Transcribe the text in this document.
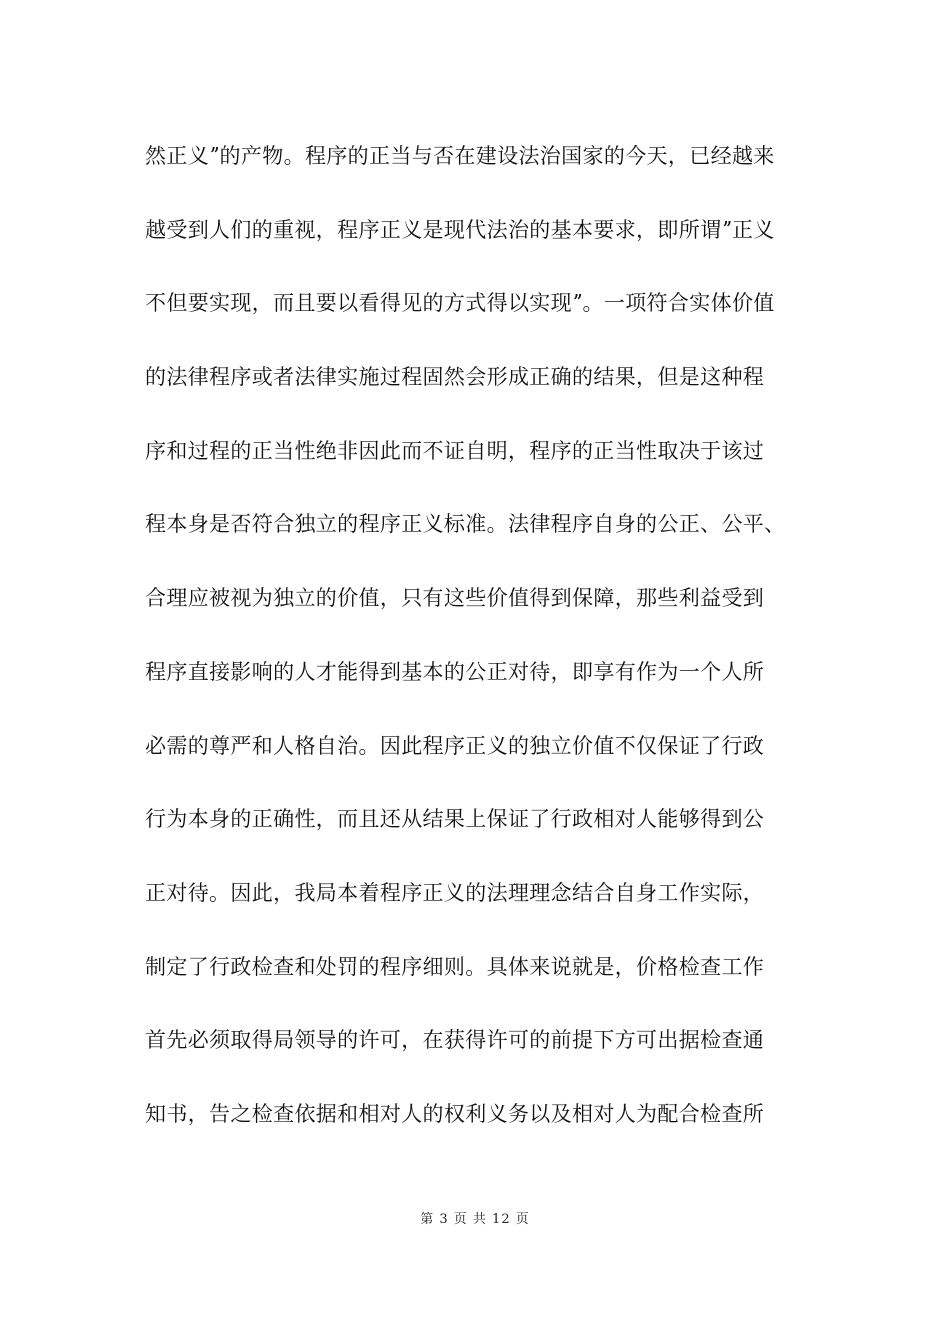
然正义ˮ的产物。程序的正当与否在建设法治国家的今天，已经越来
越受到人们的重视，程序正义是现代法治的基本要求，即所谓ˮ正义
不但要实现，而且要以看得见的方式得以实现ˮ。一项符合实体价值
的法律程序或者法律实施过程固然会形成正确的结果，但是这种程
序和过程的正当性绝非因此而不证自明，程序的正当性取决于该过
程本身是否符合独立的程序正义标准。法律程序自身的公正、公平、
合理应被视为独立的价值，只有这些价值得到保障，那些利益受到
程序直接影响的人才能得到基本的公正对待，即享有作为一个人所
必需的尊严和人格自治。因此程序正义的独立价值不仅保证了行政
行为本身的正确性，而且还从结果上保证了行政相对人能够得到公
正对待。因此，我局本着程序正义的法理理念结合自身工作实际，
制定了行政检查和处罚的程序细则。具体来说就是，价格检查工作
首先必须取得局领导的许可，在获得许可的前提下方可出据检查通
知书，告之检查依据和相对人的权利义务以及相对人为配合检查所
第 3 页 共 12 页
